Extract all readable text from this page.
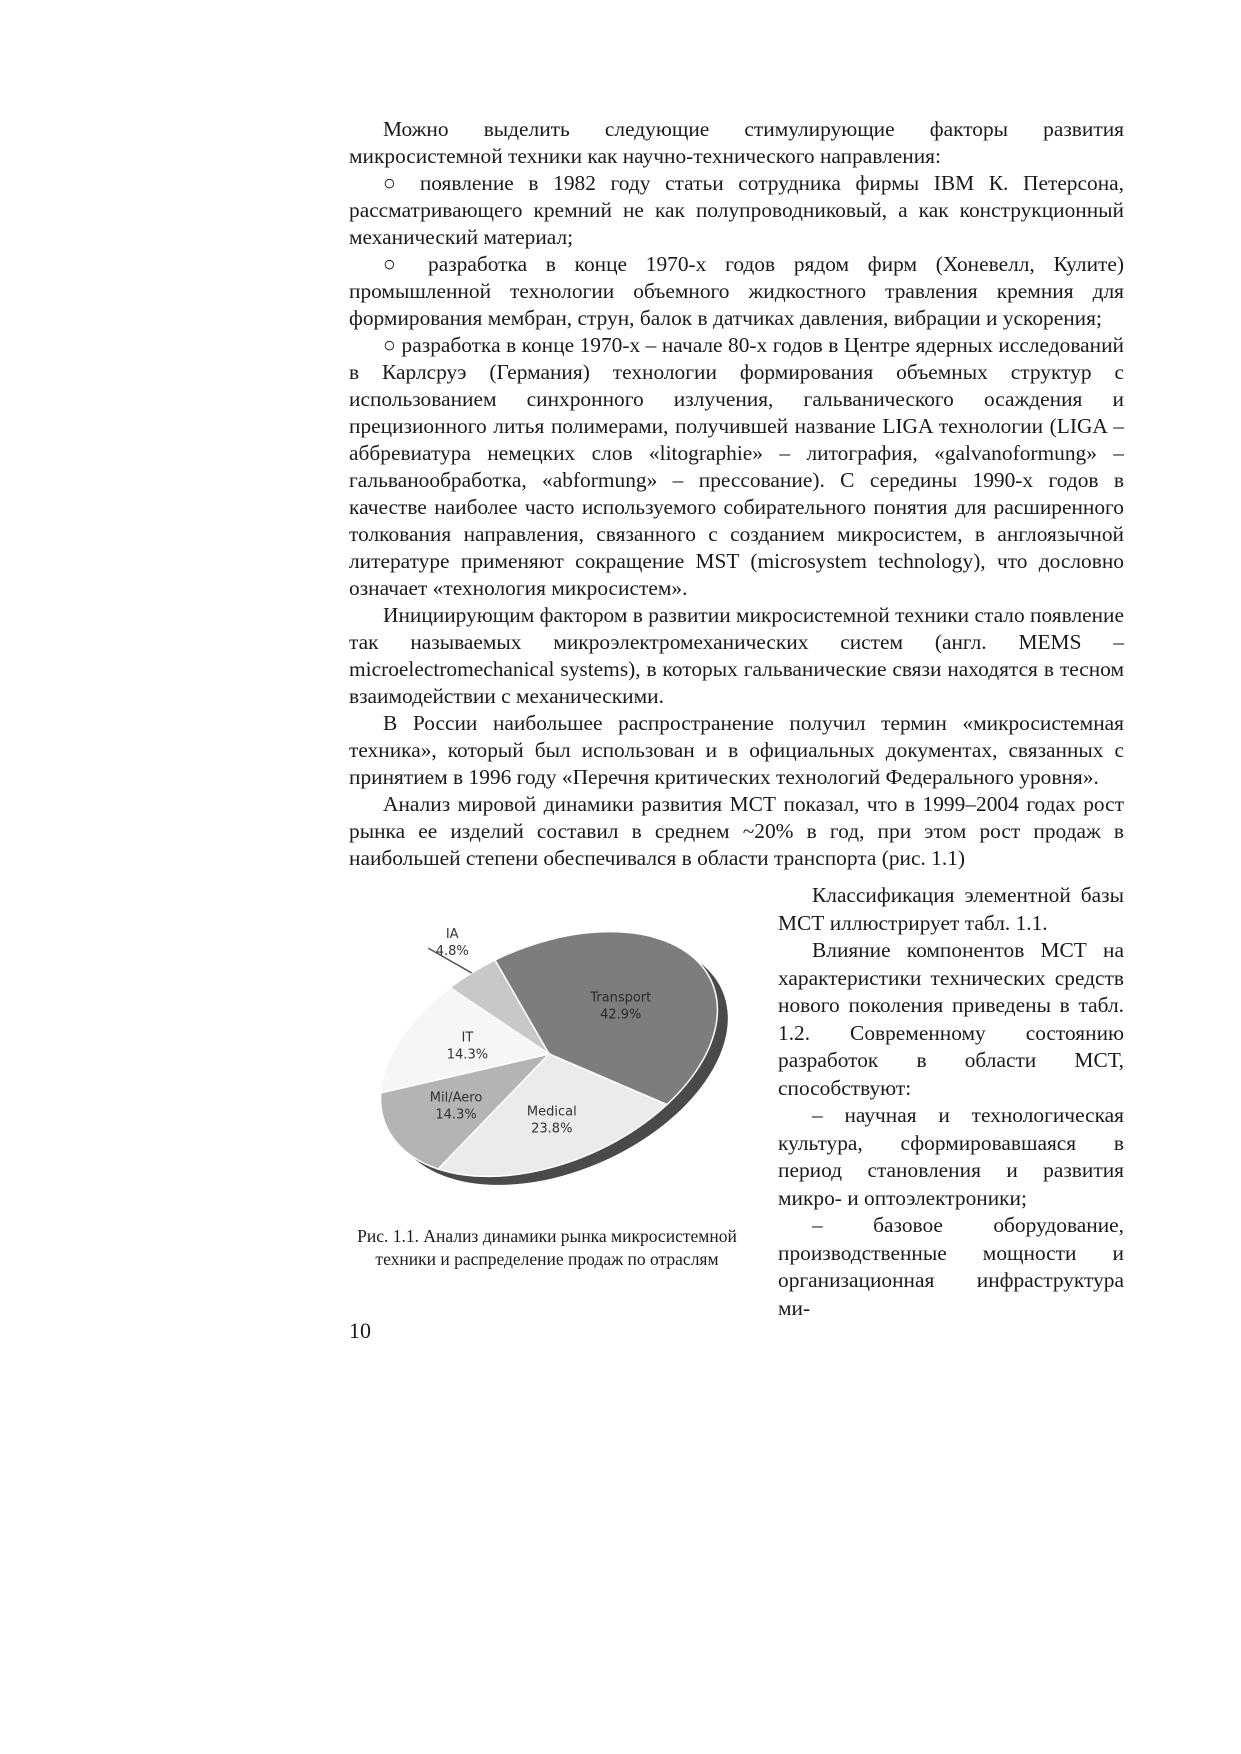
Можно выделить следующие стимулирующие факторы развития микросистемной техники как научно-технического направления:

○ появление в 1982 году статьи сотрудника фирмы IBM К. Петерсона, рассматривающего кремний не как полупроводниковый, а как конструкционный механический материал;

○ разработка в конце 1970-х годов рядом фирм (Хоневелл, Кулите) промышленной технологии объемного жидкостного травления кремния для формирования мембран, струн, балок в датчиках давления, вибрации и ускорения;

○ разработка в конце 1970-х – начале 80-х годов в Центре ядерных исследований в Карлсруэ (Германия) технологии формирования объемных структур с использованием синхронного излучения, гальванического осаждения и прецизионного литья полимерами, получившей название LIGA технологии (LIGA – аббревиатура немецких слов «litographie» – литография, «galvanoformung» – гальванообработка, «abformung» – прессование). С середины 1990-х годов в качестве наиболее часто используемого собирательного понятия для расширенного толкования направления, связанного с созданием микросистем, в англоязычной литературе применяют сокращение MST (microsystem technology), что дословно означает «технология микросистем».

Инициирующим фактором в развитии микросистемной техники стало появление так называемых микроэлектромеханических систем (англ. MEMS – microelectromechanical systems), в которых гальванические связи находятся в тесном взаимодействии с механическими.

В России наибольшее распространение получил термин «микросистемная техника», который был использован и в официальных документах, связанных с принятием в 1996 году «Перечня критических технологий Федерального уровня».

Анализ мировой динамики развития МСТ показал, что в 1999–2004 годах рост рынка ее изделий составил в среднем ~20% в год, при этом рост продаж в наибольшей степени обеспечивался в области транспорта (рис. 1.1)

Transport
42.9%
Medical
23.8%
Mil/Aero
14.3%
IT
14.3%
IA
4.8%
Рис. 1.1. Анализ динамики рынка микросистемной
техники и распределение продаж по отраслям

Классификация элементной базы МСТ иллюстрирует табл. 1.1.

Влияние компонентов МСТ на характеристики технических средств нового поколения приведены в табл. 1.2. Современному состоянию разработок в области МСТ, способствуют:

– научная и технологическая культура, сформировавшаяся в период становления и развития микро- и оптоэлектроники;

– базовое оборудование, производственные мощности и организационная инфраструктура ми-

10
